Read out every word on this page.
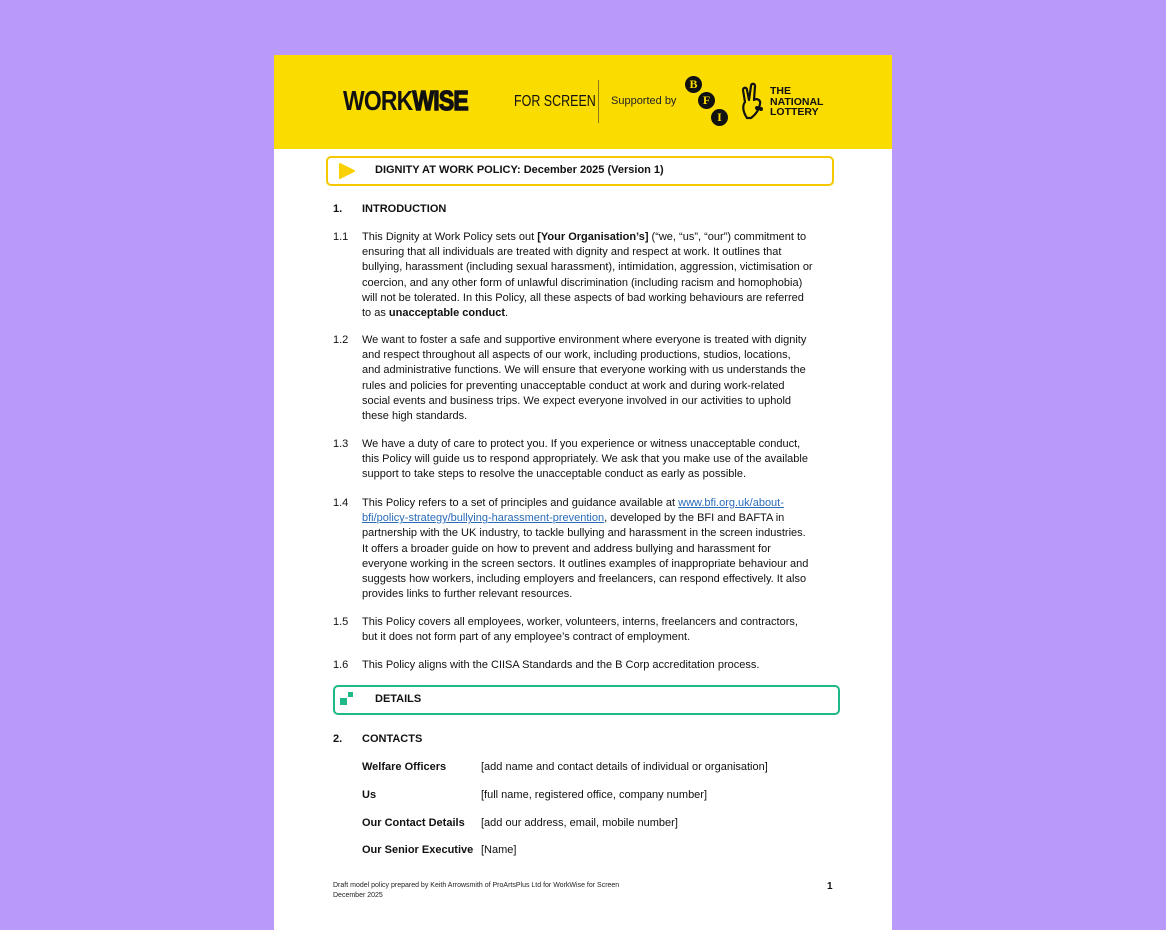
WORKWISE	FOR SCREEN Supported by
B
F
I
THE
NATIONAL
LOTTERY
DIGNITY AT WORK POLICY: December 2025 (Version 1)
1. INTRODUCTION
1.1 This Dignity at Work Policy sets out [Your Organisation’s] (“we, “us”, “our”) commitment to
ensuring that all individuals are treated with dignity and respect at work. It outlines that
bullying, harassment (including sexual harassment), intimidation, aggression, victimisation or
coercion, and any other form of unlawful discrimination (including racism and homophobia)
will not be tolerated. In this Policy, all these aspects of bad working behaviours are referred
to as unacceptable conduct.
1.2 We want to foster a safe and supportive environment where everyone is treated with dignity
and respect throughout all aspects of our work, including productions, studios, locations,
and administrative functions. We will ensure that everyone working with us understands the
rules and policies for preventing unacceptable conduct at work and during work-related
social events and business trips. We expect everyone involved in our activities to uphold
these high standards.
1.3 We have a duty of care to protect you. If you experience or witness unacceptable conduct,
this Policy will guide us to respond appropriately. We ask that you make use of the available
support to take steps to resolve the unacceptable conduct as early as possible.
1.4 This Policy refers to a set of principles and guidance available at www.bfi.org.uk/about-
bfi/policy-strategy/bullying-harassment-prevention, developed by the BFI and BAFTA in
partnership with the UK industry, to tackle bullying and harassment in the screen industries.
It offers a broader guide on how to prevent and address bullying and harassment for
everyone working in the screen sectors. It outlines examples of inappropriate behaviour and
suggests how workers, including employers and freelancers, can respond effectively. It also
provides links to further relevant resources.
1.5 This Policy covers all employees, worker, volunteers, interns, freelancers and contractors,
but it does not form part of any employee’s contract of employment.
1.6 This Policy aligns with the CIISA Standards and the B Corp accreditation process.
DETAILS
2. CONTACTS
Welfare Officers	[add name and contact details of individual or organisation]
Us	[full name, registered office, company number]
Our Contact Details [add our address, email, mobile number]
Our Senior Executive [Name]
Draft model policy prepared by Keith Arrowsmith of ProArtsPlus Ltd for WorkWise for Screen
December 2025
1
